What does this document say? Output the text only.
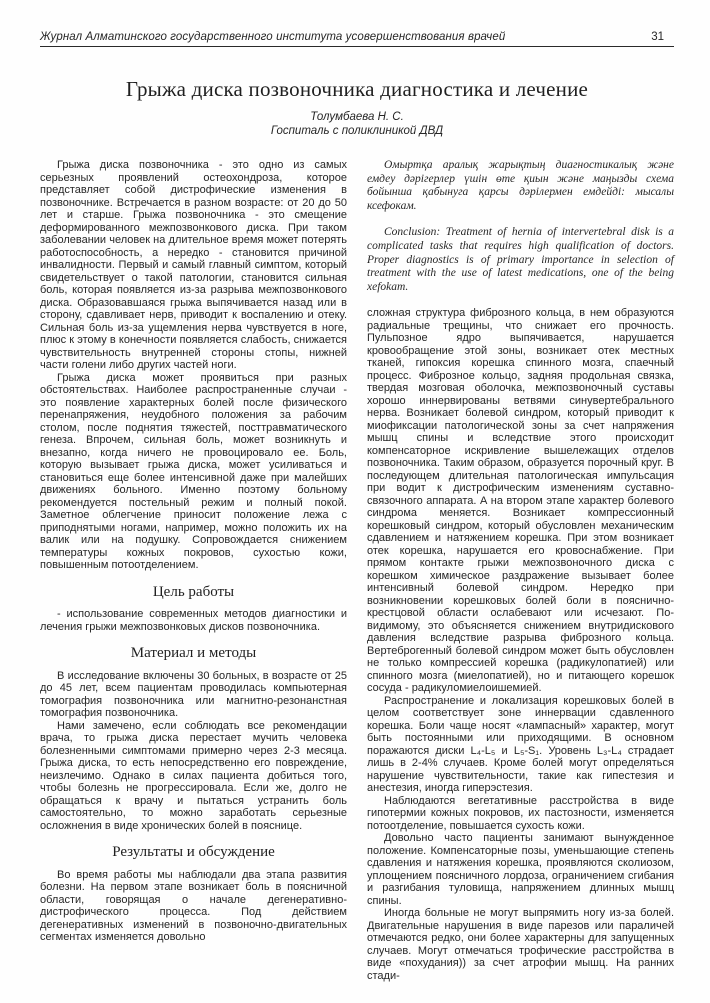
Журнал Алматинского государственного института усовершенствования врачей	31
Грыжа диска позвоночника диагностика и лечение
Толумбаева Н. С.
Госпиталь с поликлиникой ДВД

Грыжа диска позвоночника - это одно из самых серьезных проявлений остеохондроза, которое представляет собой дистрофические изменения в позвоночнике. Встречается в разном возрасте: от 20 до 50 лет и старше. Грыжа позвоночника - это смещение деформированного межпозвонкового диска. При таком заболевании человек на длительное время может потерять работоспособность, а нередко - становится причиной инвалидности. Первый и самый главный симптом, который свидетельствует о такой патологии, становится сильная боль, которая появляется из-за разрыва межпозвонкового диска. Образовавшаяся грыжа выпячивается назад или в сторону, сдавливает нерв, приводит к воспалению и отеку. Сильная боль из-за ущемления нерва чувствуется в ноге, плюс к этому в конечности появляется слабость, снижается чувствительность внутренней стороны стопы, нижней части голени либо других частей ноги.

Грыжа диска может проявиться при разных обстоятельствах. Наиболее распространенные случаи - это появление характерных болей после физического перенапряжения, неудобного положения за рабочим столом, после поднятия тяжестей, посттравматического генеза. Впрочем, сильная боль, может возникнуть и внезапно, когда ничего не провоцировало ее. Боль, которую вызывает грыжа диска, может усиливаться и становиться еще более интенсивной даже при малейших движениях больного. Именно поэтому больному рекомендуется постельный режим и полный покой. Заметное облегчение приносит положение лежа с приподнятыми ногами, например, можно положить их на валик или на подушку. Сопровождается снижением температуры кожных покровов, сухостью кожи, повышенным потоотделением.

Цель работы

- использование современных методов диагностики и лечения грыжи межпозвонковых дисков позвоночника.

Материал и методы

В исследование включены 30 больных, в возрасте от 25 до 45 лет, всем пациентам проводилась компьютерная томография позвоночника или магнитно-резонанстная томография позвоночника.

Нами замечено, если соблюдать все рекомендации врача, то грыжа диска перестает мучить человека болезненными симптомами примерно через 2-3 месяца. Грыжа диска, то есть непосредственно его повреждение, неизлечимо. Однако в силах пациента добиться того, чтобы болезнь не прогрессировала. Если же, долго не обращаться к врачу и пытаться устранить боль самостоятельно, то можно заработать серьезные осложнения в виде хронических болей в пояснице.

Результаты и обсуждение

Во время работы мы наблюдали два этапа развития болезни. На первом этапе возникает боль в поясничной области, говорящая о начале дегенеративно-дистрофического процесса. Под действием дегенеративных изменений в позвоночно-двигательных сегментах изменяется довольно

Омыртқа аралық жарықтың диагностикалық және емдеу дәрігерлер үшін өте қиын және маңызды схема бойынша қабынуга қарсы дәрілермен емдейді: мысалы ксефокам.

Conclusion: Treatment of hernia of intervertebral disk is a complicated tasks that requires high qualification of doctors. Proper diagnostics is of primary importance in selection of treatment with the use of latest medications, one of the being xefokam.

сложная структура фиброзного кольца, в нем образуются радиальные трещины, что снижает его прочность. Пульпозное ядро выпячивается, нарушается кровообращение этой зоны, возникает отек местных тканей, гипоксия корешка спинного мозга, спаечный процесс. Фиброзное кольцо, задняя продольная связка, твердая мозговая оболочка, межпозвоночный суставы хорошо иннервированы ветвями синувертебрального нерва. Возникает болевой синдром, который приводит к миофиксации патологической зоны за счет напряжения мышц спины и вследствие этого происходит компенсаторное искривление вышележащих отделов позвоночника. Таким образом, образуется порочный круг. В последующем длительная патологическая импульсация при водит к дистрофическим изменениям суставно-связочного аппарата. А на втором этапе характер болевого синдрома меняется. Возникает компрессионный корешковый синдром, который обусловлен механическим сдавлением и натяжением корешка. При этом возникает отек корешка, нарушается его кровоснабжение. При прямом контакте грыжи межпозвоночного диска с корешком химическое раздражение вызывает более интенсивный болевой синдром. Нередко при возникновении корешковых болей боли в пояснично-крестцовой области ослабевают или исчезают. По-видимому, это объясняется снижением внутридискового давления вследствие разрыва фиброзного кольца. Вертеброгенный болевой синдром может быть обусловлен не только компрессией корешка (радикулопатией) или спинного мозга (миелопатией), но и питающего корешок сосуда - радикуломиелоишемией.

Распространение и локализация корешковых болей в целом соответствует зоне иннервации сдавленного корешка. Боли чаще носят «лампасный» характер, могут быть постоянными или приходящими. В основном поражаются диски L₄-L₅ и L₅-S₁. Уровень L₃-L₄ страдает лишь в 2-4% случаев. Кроме болей могут определяться нарушение чувствительности, такие как гипестезия и анестезия, иногда гиперэстезия.

Наблюдаются вегетативные расстройства в виде гипотермии кожных покровов, их пастозности, изменяется потоотделение, повышается сухость кожи.

Довольно часто пациенты занимают вынужденное положение. Компенсаторные позы, уменьшающие степень сдавления и натяжения корешка, проявляются сколиозом, уплощением поясничного лордоза, ограничением сгибания и разгибания туловища, напряжением длинных мышц спины.

Иногда больные не могут выпрямить ногу из-за болей. Двигательные нарушения в виде парезов или параличей отмечаются редко, они более характерны для запущенных случаев. Могут отмечаться трофические расстройства в виде «похудания)) за счет атрофии мышц. На ранних стади-
